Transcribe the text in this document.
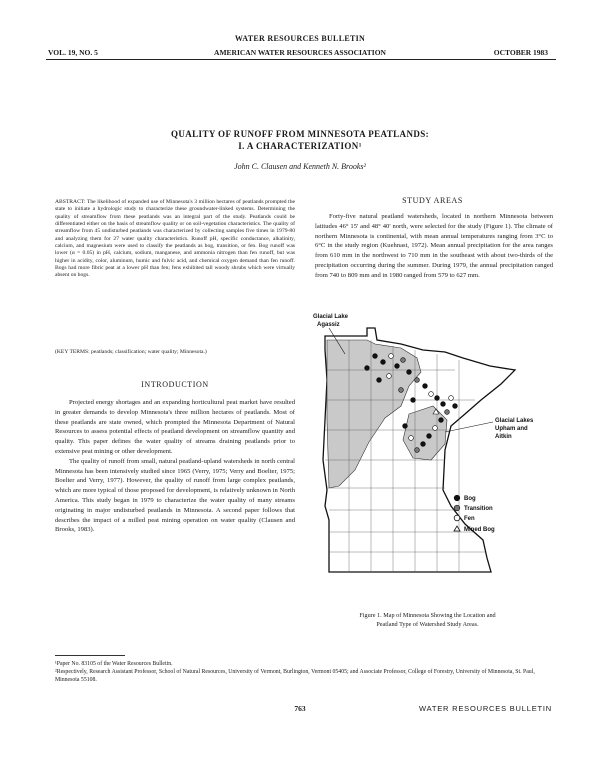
WATER RESOURCES BULLETIN
VOL. 19, NO. 5	AMERICAN WATER RESOURCES ASSOCIATION	OCTOBER 1983
QUALITY OF RUNOFF FROM MINNESOTA PEATLANDS:
I. A CHARACTERIZATION¹
John C. Clausen and Kenneth N. Brooks²
ABSTRACT: The likelihood of expanded use of Minnesota's 3 million hectares of peatlands prompted the state to initiate a hydrologic study to characterize these groundwater-linked systems. Determining the quality of streamflow from these peatlands was an integral part of the study. Peatlands could be differentiated either on the basis of streamflow quality or on soil-vegetation characteristics. The quality of streamflow from 45 undisturbed peatlands was characterized by collecting samples five times in 1979-80 and analyzing them for 27 water quality characteristics. Runoff pH, specific conductance, alkalinity, calcium, and magnesium were used to classify the peatlands as bog, transition, or fen. Bog runoff was lower (α = 0.05) in pH, calcium, sodium, manganese, and ammonia nitrogen than fen runoff, but was higher in acidity, color, aluminum, humic and fulvic acid, and chemical oxygen demand than fen runoff. Bogs had more fibric peat at a lower pH than fen; fens exhibited tall woody shrubs which were virtually absent on bogs.
(KEY TERMS: peatlands; classification; water quality; Minnesota.)
INTRODUCTION

Projected energy shortages and an expanding horticultural peat market have resulted in greater demands to develop Minnesota's three million hectares of peatlands. Most of these peatlands are state owned, which prompted the Minnesota Department of Natural Resources to assess potential effects of peatland development on streamflow quantity and quality. This paper defines the water quality of streams draining peatlands prior to extensive peat mining or other development.

The quality of runoff from small, natural peatland-upland watersheds in north central Minnesota has been intensively studied since 1965 (Verry, 1975; Verry and Boelter, 1975; Boelter and Verry, 1977). However, the quality of runoff from large complex peatlands, which are more typical of those proposed for development, is relatively unknown in North America. This study began in 1979 to characterize the water quality of many streams originating in major undisturbed peatlands in Minnesota. A second paper follows that describes the impact of a milled peat mining operation on water quality (Clausen and Brooks, 1983).

STUDY AREAS

Forty-five natural peatland watersheds, located in northern Minnesota between latitudes 46° 15' and 48° 40' north, were selected for the study (Figure 1). The climate of northern Minnesota is continental, with mean annual temperatures ranging from 3°C to 6°C in the study region (Kuehnast, 1972). Mean annual precipitation for the area ranges from 610 mm in the northwest to 710 mm in the southeast with about two-thirds of the precipitation occurring during the summer. During 1979, the annual precipitation ranged from 740 to 809 mm and in 1980 ranged from 579 to 627 mm.

Glacial Lake
Agassiz
Glacial Lakes
Upham and
Aitkin
Bog
Transition
Fen
Mined Bog
Figure 1. Map of Minnesota Showing the Location and
Peatland Type of Watershed Study Areas.

¹Paper No. 83105 of the Water Resources Bulletin.

²Respectively, Research Assistant Professor, School of Natural Resources, University of Vermont, Burlington, Vermont 05405; and Associate Professor, College of Forestry, University of Minnesota, St. Paul, Minnesota 55108.

763	WATER RESOURCES BULLETIN
